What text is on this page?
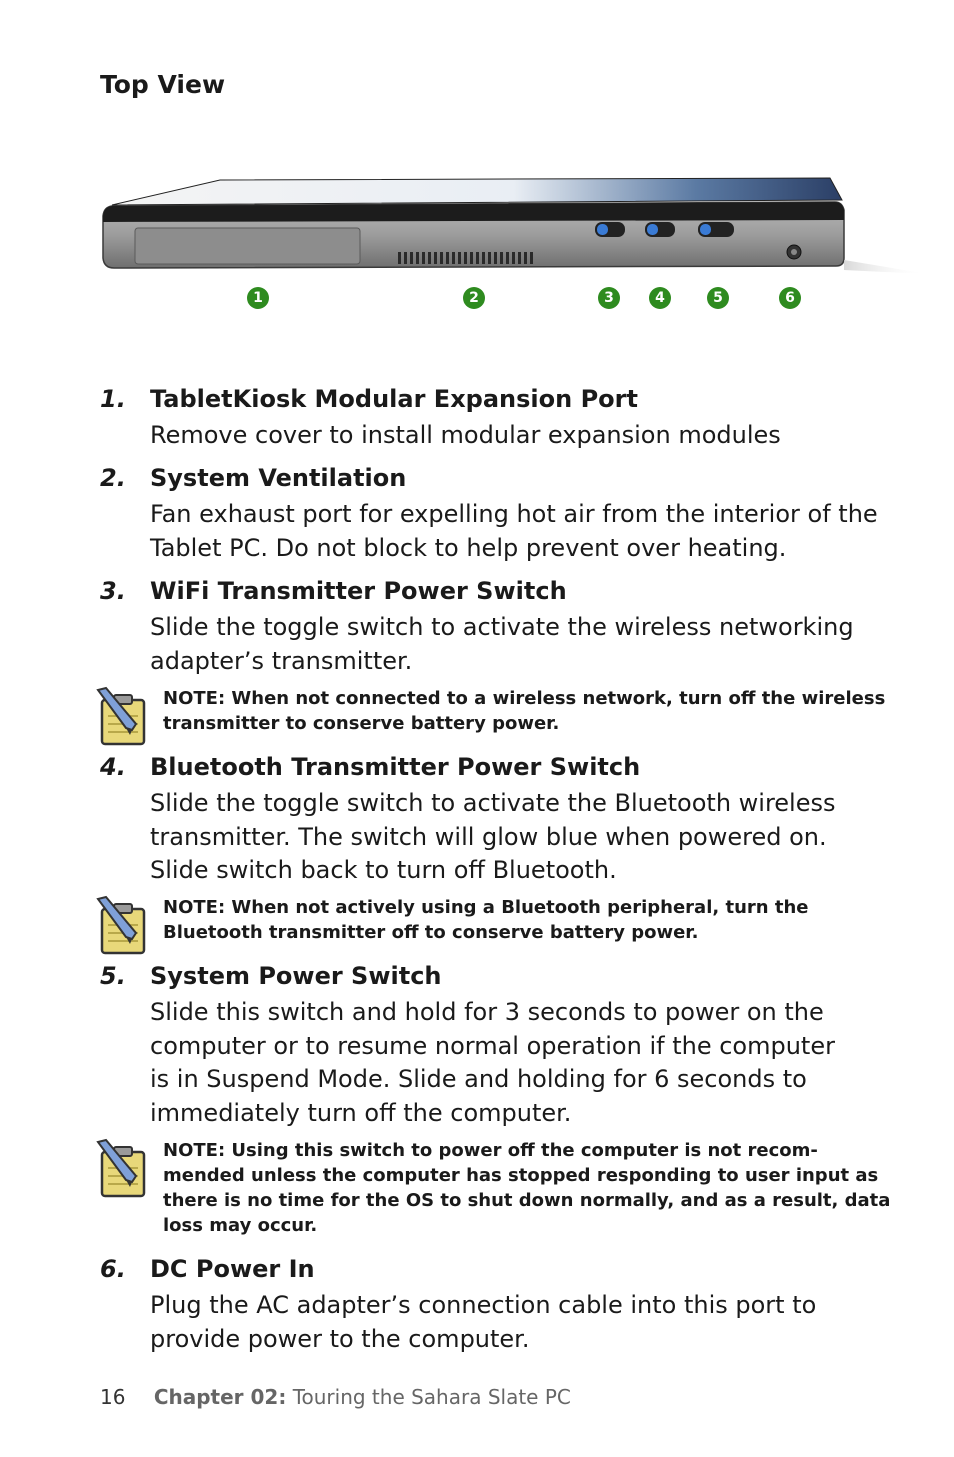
Top View
1	2	3	4	5	6
1. TabletKiosk Modular Expansion Port
Remove cover to install modular expansion modules
2. System Ventilation
Fan exhaust port for expelling hot air from the interior of the
Tablet PC. Do not block to help prevent over heating.
3. WiFi Transmitter Power Switch
Slide the toggle switch to activate the wireless networking
adapter’s transmitter.
NOTE: When not connected to a wireless network, turn off the wireless
transmitter to conserve battery power.
4. Bluetooth Transmitter Power Switch
Slide the toggle switch to activate the Bluetooth wireless
transmitter. The switch will glow blue when powered on.
Slide switch back to turn off Bluetooth.
NOTE: When not actively using a Bluetooth peripheral, turn the
Bluetooth transmitter off to conserve battery power.
5. System Power Switch
Slide this switch and hold for 3 seconds to power on the
computer or to resume normal operation if the computer
is in Suspend Mode. Slide and holding for 6 seconds to
immediately turn off the computer.
NOTE: Using this switch to power off the computer is not recom-
mended unless the computer has stopped responding to user input as
there is no time for the OS to shut down normally, and as a result, data
loss may occur.
6. DC Power In
Plug the AC adapter’s connection cable into this port to
provide power to the computer.
16 Chapter 02: Touring the Sahara Slate PC
